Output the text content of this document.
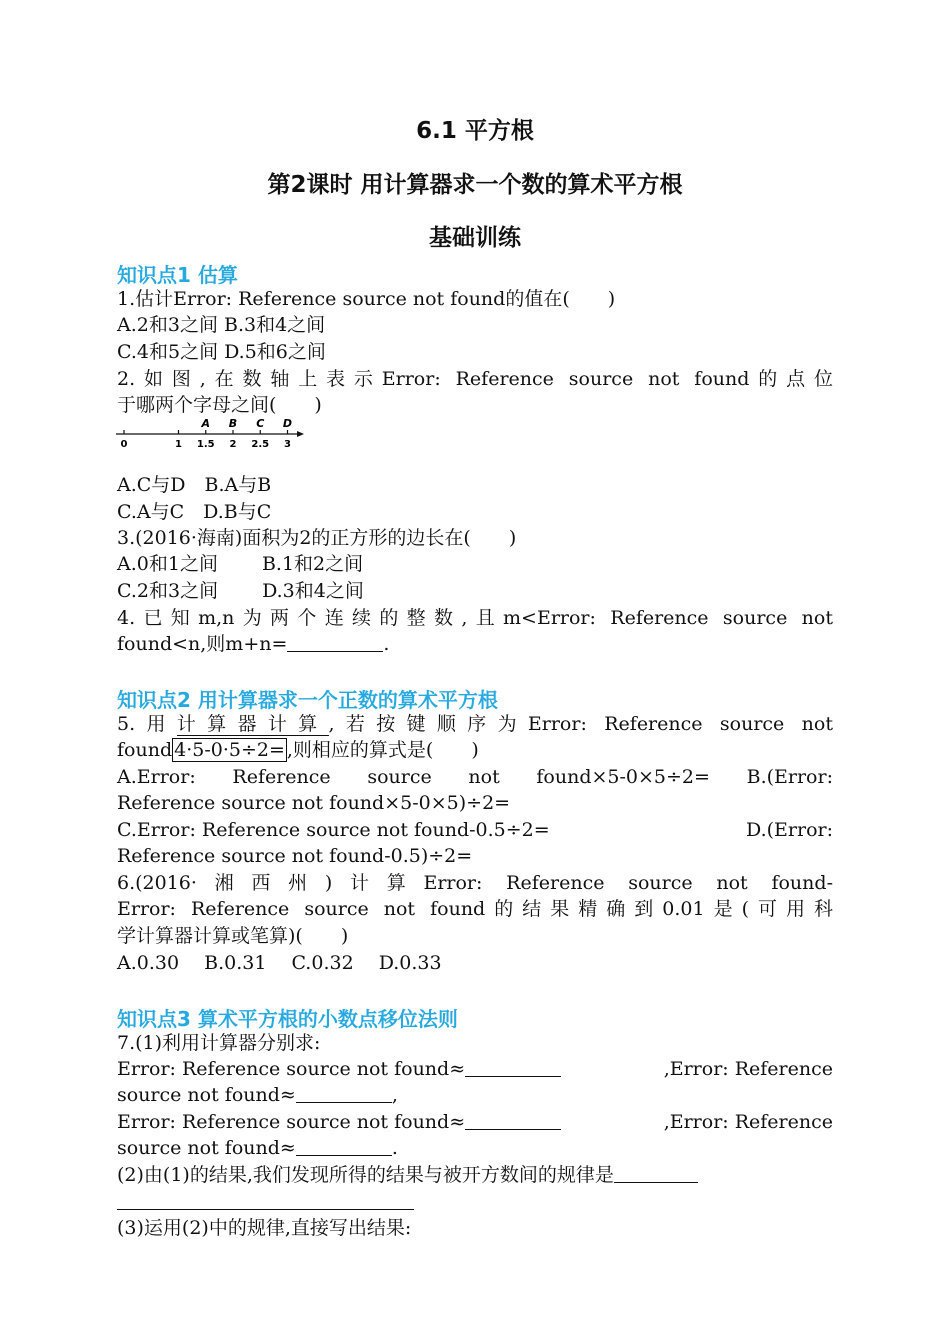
6.1 平方根
第2课时 用计算器求一个数的算术平方根
基础训练
知识点1 估算
1.估计Error: Reference source not found的值在(　　)
A.2和3之间 B.3和4之间
C.4和5之间 D.5和6之间
2.如图,在数轴上表示Error: Reference source not found的点位
于哪两个字母之间(　　)
A B C D
0	1 1.5 2 2.5 3
A.C与D　B.A与B
C.A与C　D.B与C
3.(2016·海南)面积为2的正方形的边长在(　　)
A.0和1之间 B.1和2之间
C.2和3之间 D.3和4之间
4.已知m,n为两个连续的整数,且m<Error: Reference source not
found<n,则m+n=	.
知识点2 用计算器求一个正数的算术平方根
5.用计算器计算,若按键顺序为Error: Reference source not
found 4·5-0·5÷2= ,则相应的算式是(　　)
A.Error: Reference source not found×5-0×5÷2= B.(Error:
Reference source not found×5-0×5)÷2=
C.Error: Reference source not found-0.5÷2=	D.(Error:
Reference source not found-0.5)÷2=
6.(2016·湘西州)计算Error: Reference source not found-
Error: Reference source not found的结果精确到0.01是(可用科
学计算器计算或笔算)(　　)
A.0.30　 B.0.31　 C.0.32　 D.0.33
知识点3 算术平方根的小数点移位法则
7.(1)利用计算器分别求:
Error: Reference source not found≈	,Error: Reference
source not found≈	,
Error: Reference source not found≈	,Error: Reference
source not found≈	.
(2)由(1)的结果,我们发现所得的结果与被开方数间的规律是
(3)运用(2)中的规律,直接写出结果:
